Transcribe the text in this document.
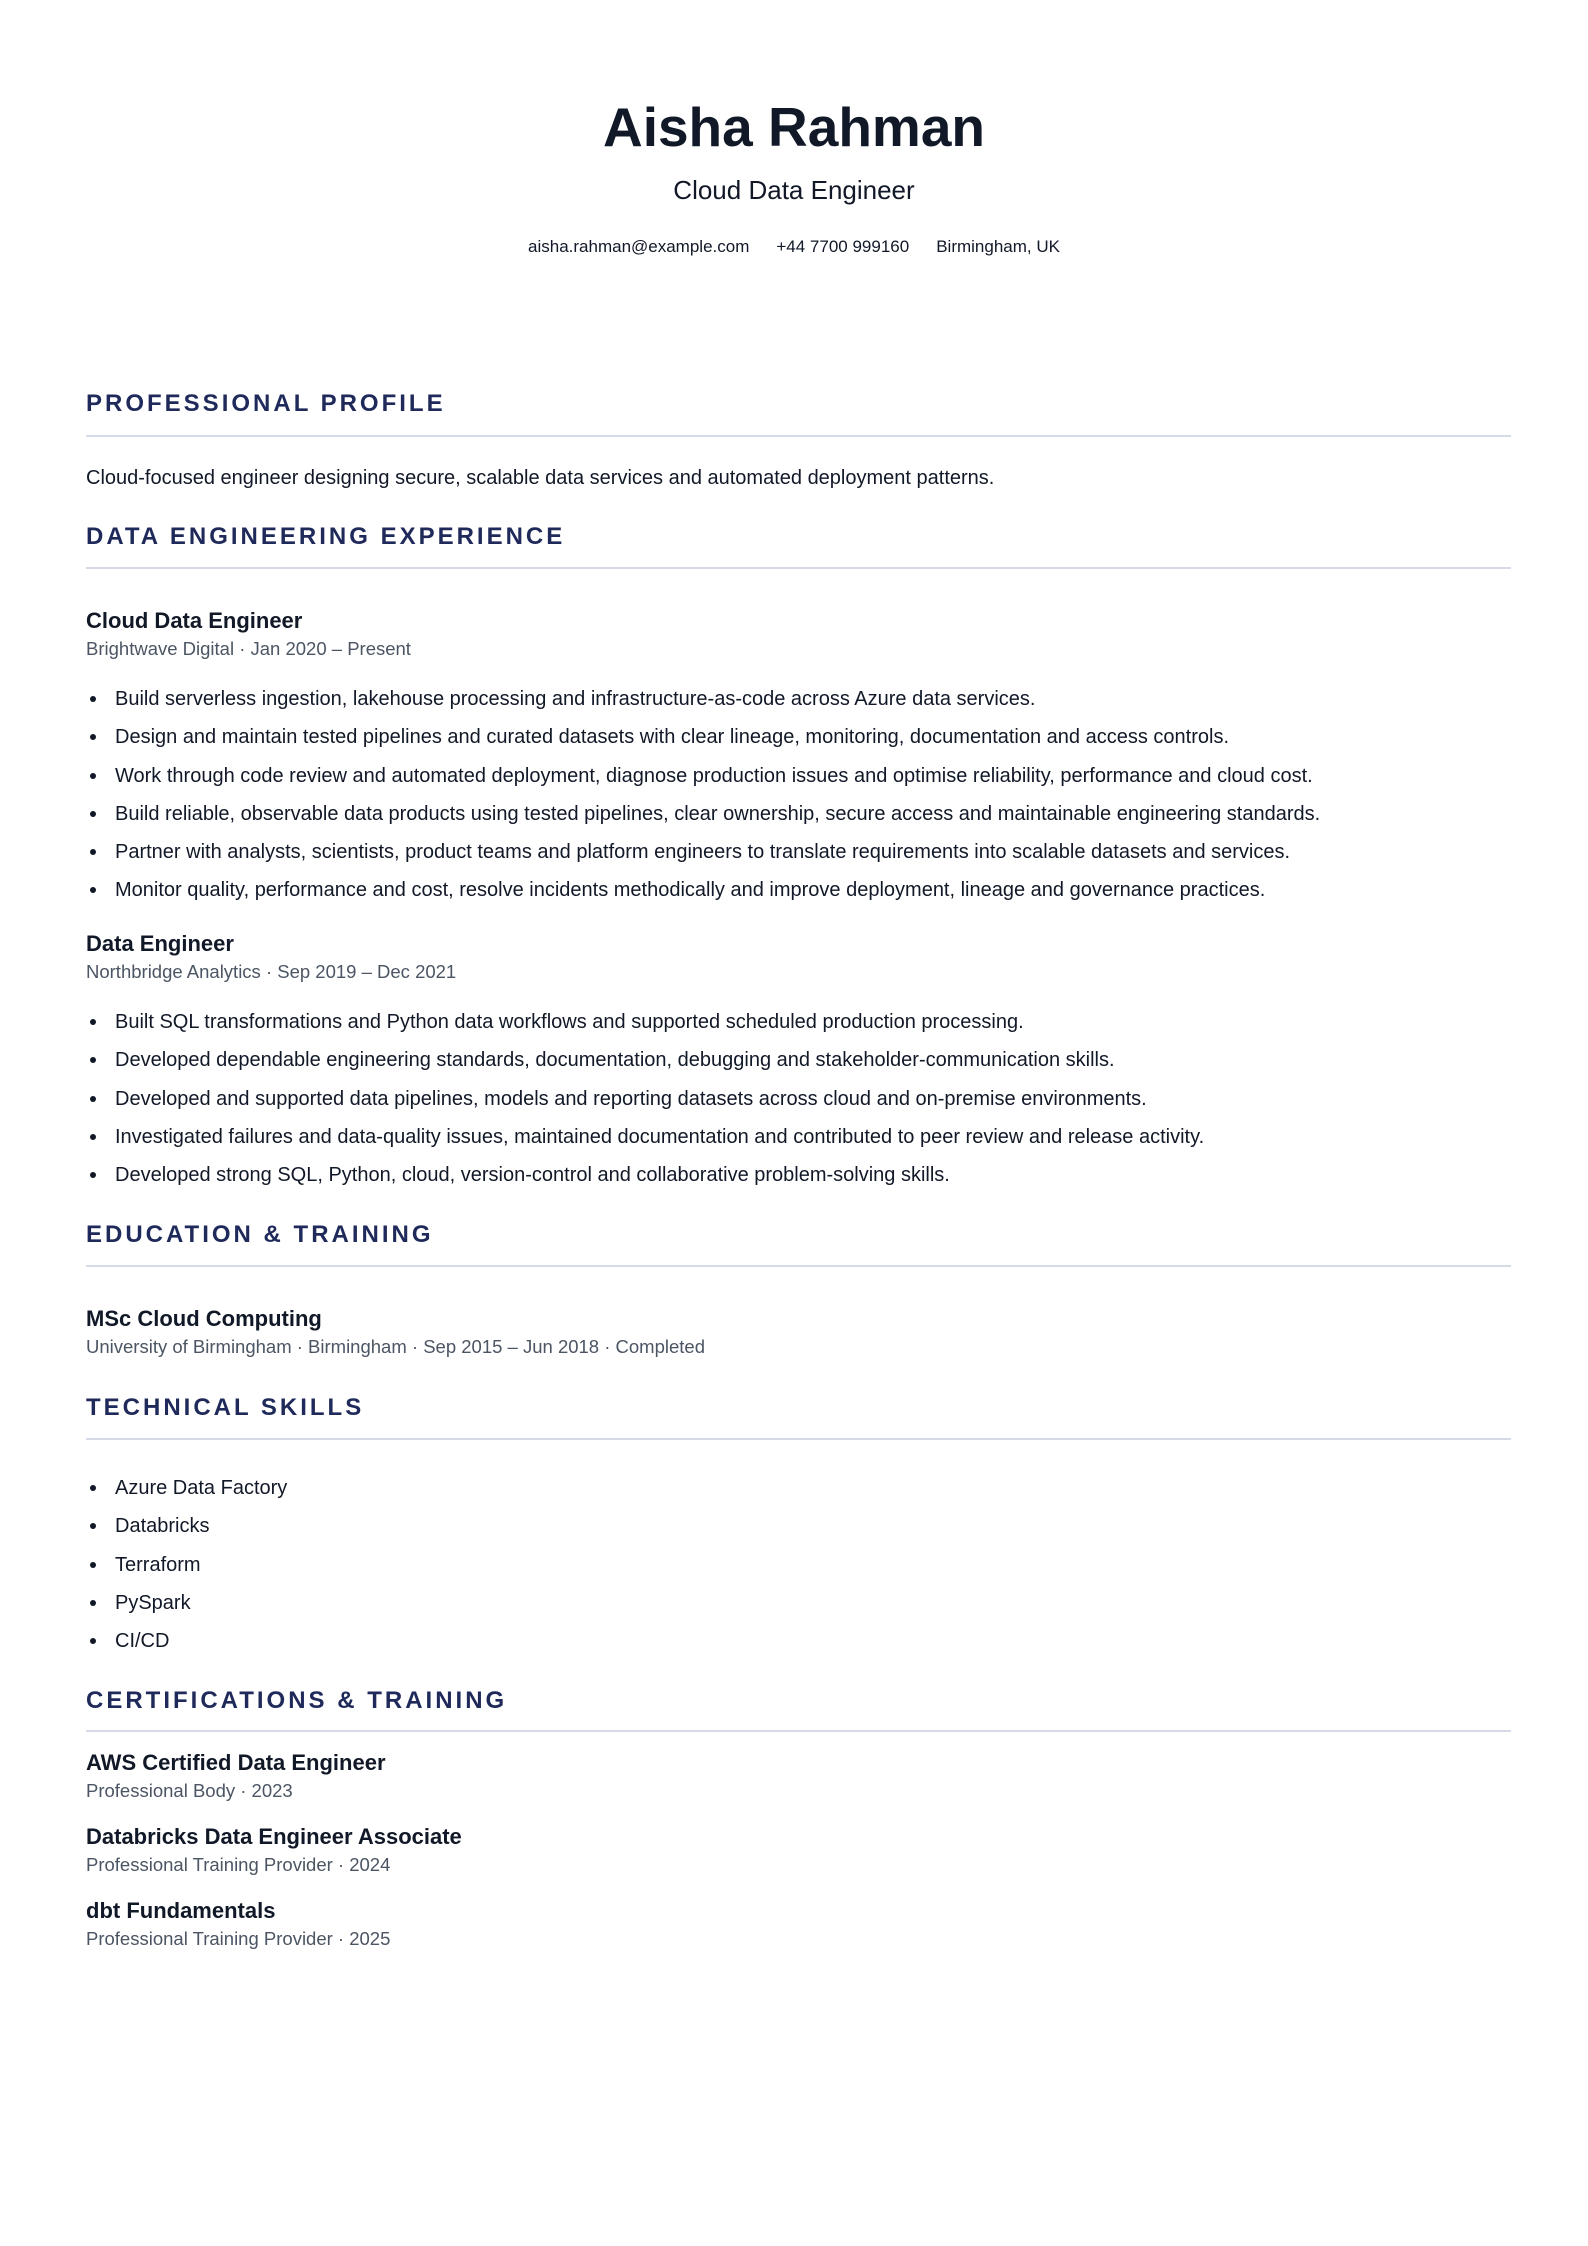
Aisha Rahman
Cloud Data Engineer
aisha.rahman@example.com +44 7700 999160 Birmingham, UK
PROFESSIONAL PROFILE
Cloud-focused engineer designing secure, scalable data services and automated deployment patterns.
DATA ENGINEERING EXPERIENCE
Cloud Data Engineer
Brightwave Digital · Jan 2020 – Present
Build serverless ingestion, lakehouse processing and infrastructure-as-code across Azure data services.
Design and maintain tested pipelines and curated datasets with clear lineage, monitoring, documentation and access controls.
Work through code review and automated deployment, diagnose production issues and optimise reliability, performance and cloud cost.
Build reliable, observable data products using tested pipelines, clear ownership, secure access and maintainable engineering standards.
Partner with analysts, scientists, product teams and platform engineers to translate requirements into scalable datasets and services.
Monitor quality, performance and cost, resolve incidents methodically and improve deployment, lineage and governance practices.
Data Engineer
Northbridge Analytics · Sep 2019 – Dec 2021
Built SQL transformations and Python data workflows and supported scheduled production processing.
Developed dependable engineering standards, documentation, debugging and stakeholder-communication skills.
Developed and supported data pipelines, models and reporting datasets across cloud and on-premise environments.
Investigated failures and data-quality issues, maintained documentation and contributed to peer review and release activity.
Developed strong SQL, Python, cloud, version-control and collaborative problem-solving skills.
EDUCATION & TRAINING
MSc Cloud Computing
University of Birmingham · Birmingham · Sep 2015 – Jun 2018 · Completed
TECHNICAL SKILLS
Azure Data Factory
Databricks
Terraform
PySpark
CI/CD
CERTIFICATIONS & TRAINING
AWS Certified Data Engineer
Professional Body · 2023
Databricks Data Engineer Associate
Professional Training Provider · 2024
dbt Fundamentals
Professional Training Provider · 2025
